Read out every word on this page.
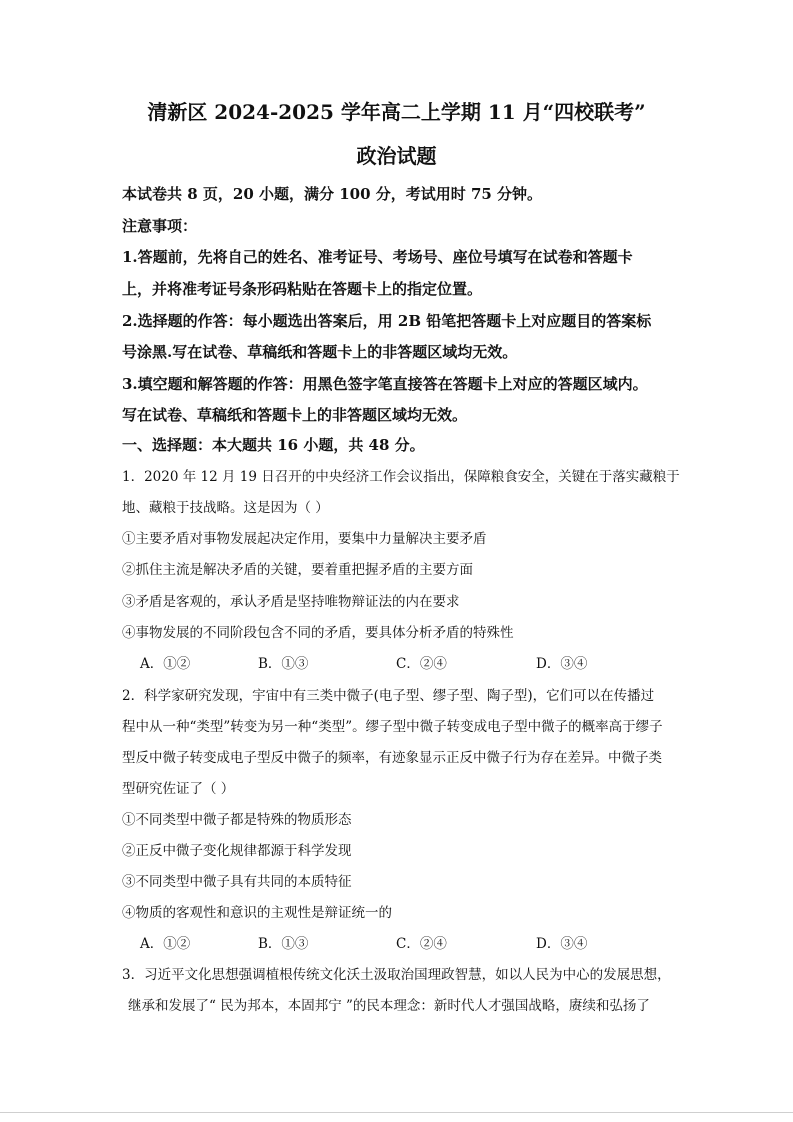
清新区 2024-2025 学年高二上学期 11 月“四校联考”
政治试题
本试卷共 8 页，20 小题，满分 100 分，考试用时 75 分钟。
注意事项：
1.答题前，先将自己的姓名、准考证号、考场号、座位号填写在试卷和答题卡
上，并将准考证号条形码粘贴在答题卡上的指定位置。
2.选择题的作答：每小题选出答案后，用 2B 铅笔把答题卡上对应题目的答案标
号涂黑.写在试卷、草稿纸和答题卡上的非答题区域均无效。
3.填空题和解答题的作答：用黑色签字笔直接答在答题卡上对应的答题区域内。
写在试卷、草稿纸和答题卡上的非答题区域均无效。
一、选择题：本大题共 16 小题，共 48 分。
1．2020 年 12 月 19 日召开的中央经济工作会议指出，保障粮食安全，关键在于落实藏粮于
地、藏粮于技战略。这是因为（ ）
①主要矛盾对事物发展起决定作用，要集中力量解决主要矛盾
②抓住主流是解决矛盾的关键，要着重把握矛盾的主要方面
③矛盾是客观的，承认矛盾是坚持唯物辩证法的内在要求
④事物发展的不同阶段包含不同的矛盾，要具体分析矛盾的特殊性
A．①②	B．①③	C．②④	D．③④
2．科学家研究发现，宇宙中有三类中微子(电子型、缪子型、陶子型)，它们可以在传播过
程中从一种“类型”转变为另一种“类型”。缪子型中微子转变成电子型中微子的概率高于缪子
型反中微子转变成电子型反中微子的频率，有迹象显示正反中微子行为存在差异。中微子类
型研究佐证了（ ）
①不同类型中微子都是特殊的物质形态
②正反中微子变化规律都源于科学发现
③不同类型中微子具有共同的本质特征
④物质的客观性和意识的主观性是辩证统一的
A．①②	B．①③	C．②④	D．③④
3．习近平文化思想强调植根传统文化沃土汲取治国理政智慧，如以人民为中心的发展思想，
继承和发展了“ 民为邦本，本固邦宁 ”的民本理念：新时代人才强国战略，赓续和弘扬了
